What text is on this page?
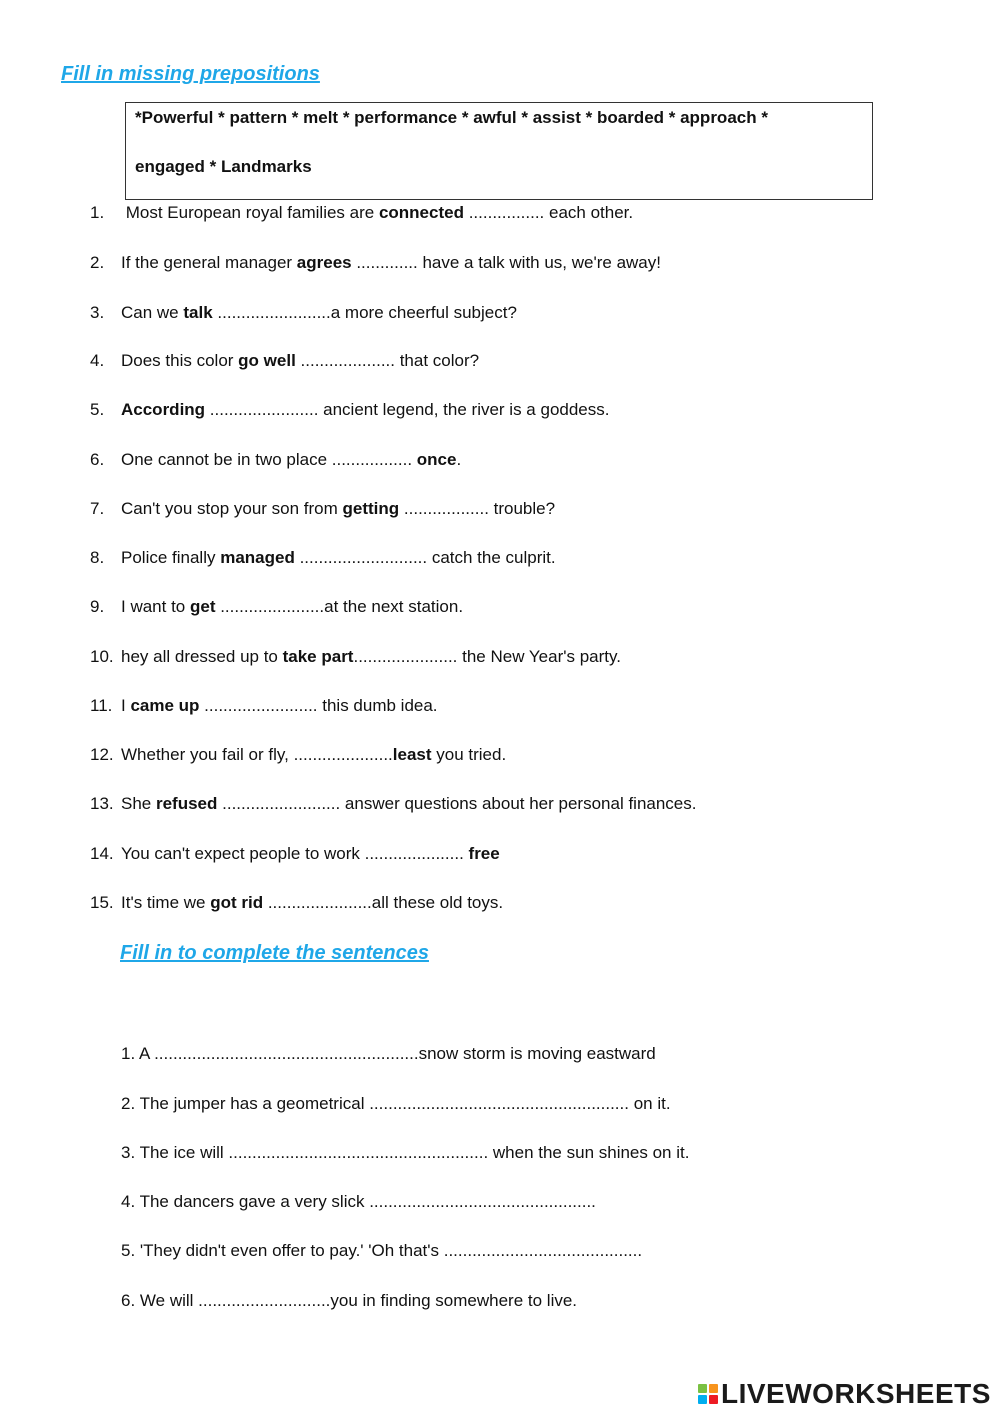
Fill in missing prepositions

*Powerful * pattern * melt * performance * awful * assist * boarded * approach *

engaged * Landmarks

1. Most European royal families are connected ................ each other.
2. If the general manager agrees ............. have a talk with us, we're away!
3. Can we talk ........................a more cheerful subject?
4. Does this color go well .................... that color?
5. According ....................... ancient legend, the river is a goddess.
6. One cannot be in two place ................. once.
7. Can't you stop your son from getting .................. trouble?
8. Police finally managed ........................... catch the culprit.
9. I want to get ......................at the next station.
10. hey all dressed up to take part...................... the New Year's party.
11. I came up ........................ this dumb idea.
12. Whether you fail or fly, .....................least you tried.
13. She refused ......................... answer questions about her personal finances.
14. You can't expect people to work ..................... free
15. It's time we got rid ......................all these old toys.
Fill in to complete the sentences
1. A ........................................................snow storm is moving eastward
2. The jumper has a geometrical ....................................................... on it.
3. The ice will ....................................................... when the sun shines on it.
4. The dancers gave a very slick ................................................
5. 'They didn't even offer to pay.' 'Oh that's ..........................................
6. We will ............................you in finding somewhere to live.
LIVEWORKSHEETS
